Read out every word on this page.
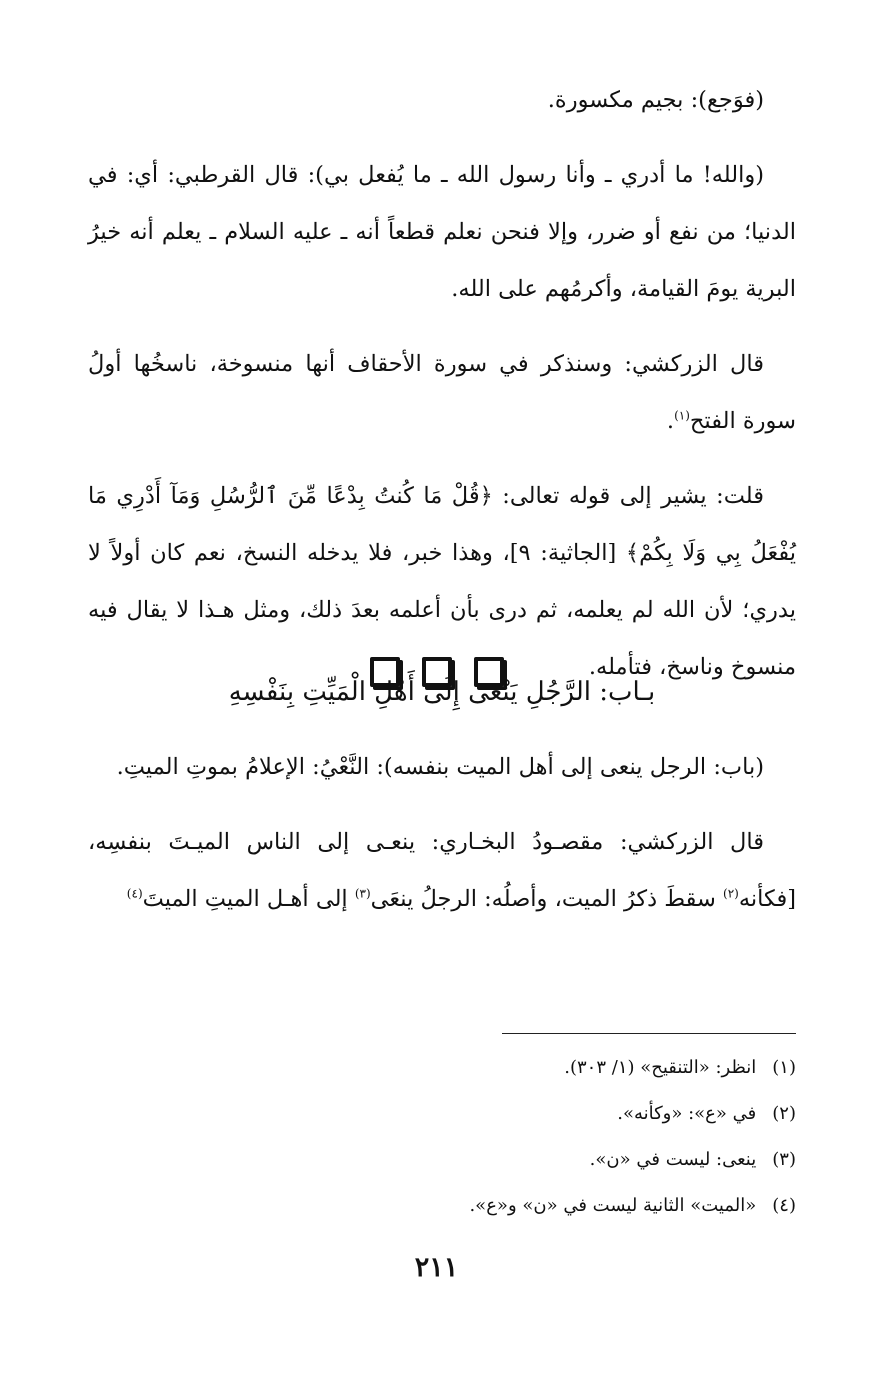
(فوَجع): بجيم مكسورة.

(والله! ما أدري ـ وأنا رسول الله ـ ما يُفعل بي): قال القرطبي: أي: في الدنيا؛ من نفع أو ضرر، وإلا فنحن نعلم قطعاً أنه ـ عليه السلام ـ يعلم أنه خيرُ البرية يومَ القيامة، وأكرمُهم على الله.

قال الزركشي: وسنذكر في سورة الأحقاف أنها منسوخة، ناسخُها أولُ سورة الفتح$^{(١)}$.

قلت: يشير إلى قوله تعالى: ﴿قُلْ مَا كُنتُ بِدْعًا مِّنَ ٱلرُّسُلِ وَمَآ أَدْرِي مَا يُفْعَلُ بِي وَلَا بِكُمْ﴾ [الجاثية: ٩]، وهذا خبر، فلا يدخله النسخ، نعم كان أولاً لا يدري؛ لأن الله لم يعلمه، ثم درى بأن أعلمه بعدَ ذلك، ومثل هـذا لا يقال فيه منسوخ وناسخ، فتأمله.

بـاب: الرَّجُلِ يَنْعَى إِلَى أَهْلِ الْمَيِّتِ بِنَفْسِهِ

(باب: الرجل ينعى إلى أهل الميت بنفسه): النَّعْيُ: الإعلامُ بموتِ الميتِ.

قال الزركشي: مقصـودُ البخـاري: ينعـى إلى الناس الميـتَ بنفسِه، [فكأنه$^{(٢)}$ سقطَ ذكرُ الميت، وأصلُه: الرجلُ ينعَى$^{(٣)}$ إلى أهـل الميتِ الميتَ$^{(٤)}$

(١)
انظر: «التنقيح» (١/ ٣٠٣).
(٢)
في «ع»: «وكأنه».
(٣)
ينعى: ليست في «ن».
(٤)
«الميت» الثانية ليست في «ن» و«ع».
٢١١
